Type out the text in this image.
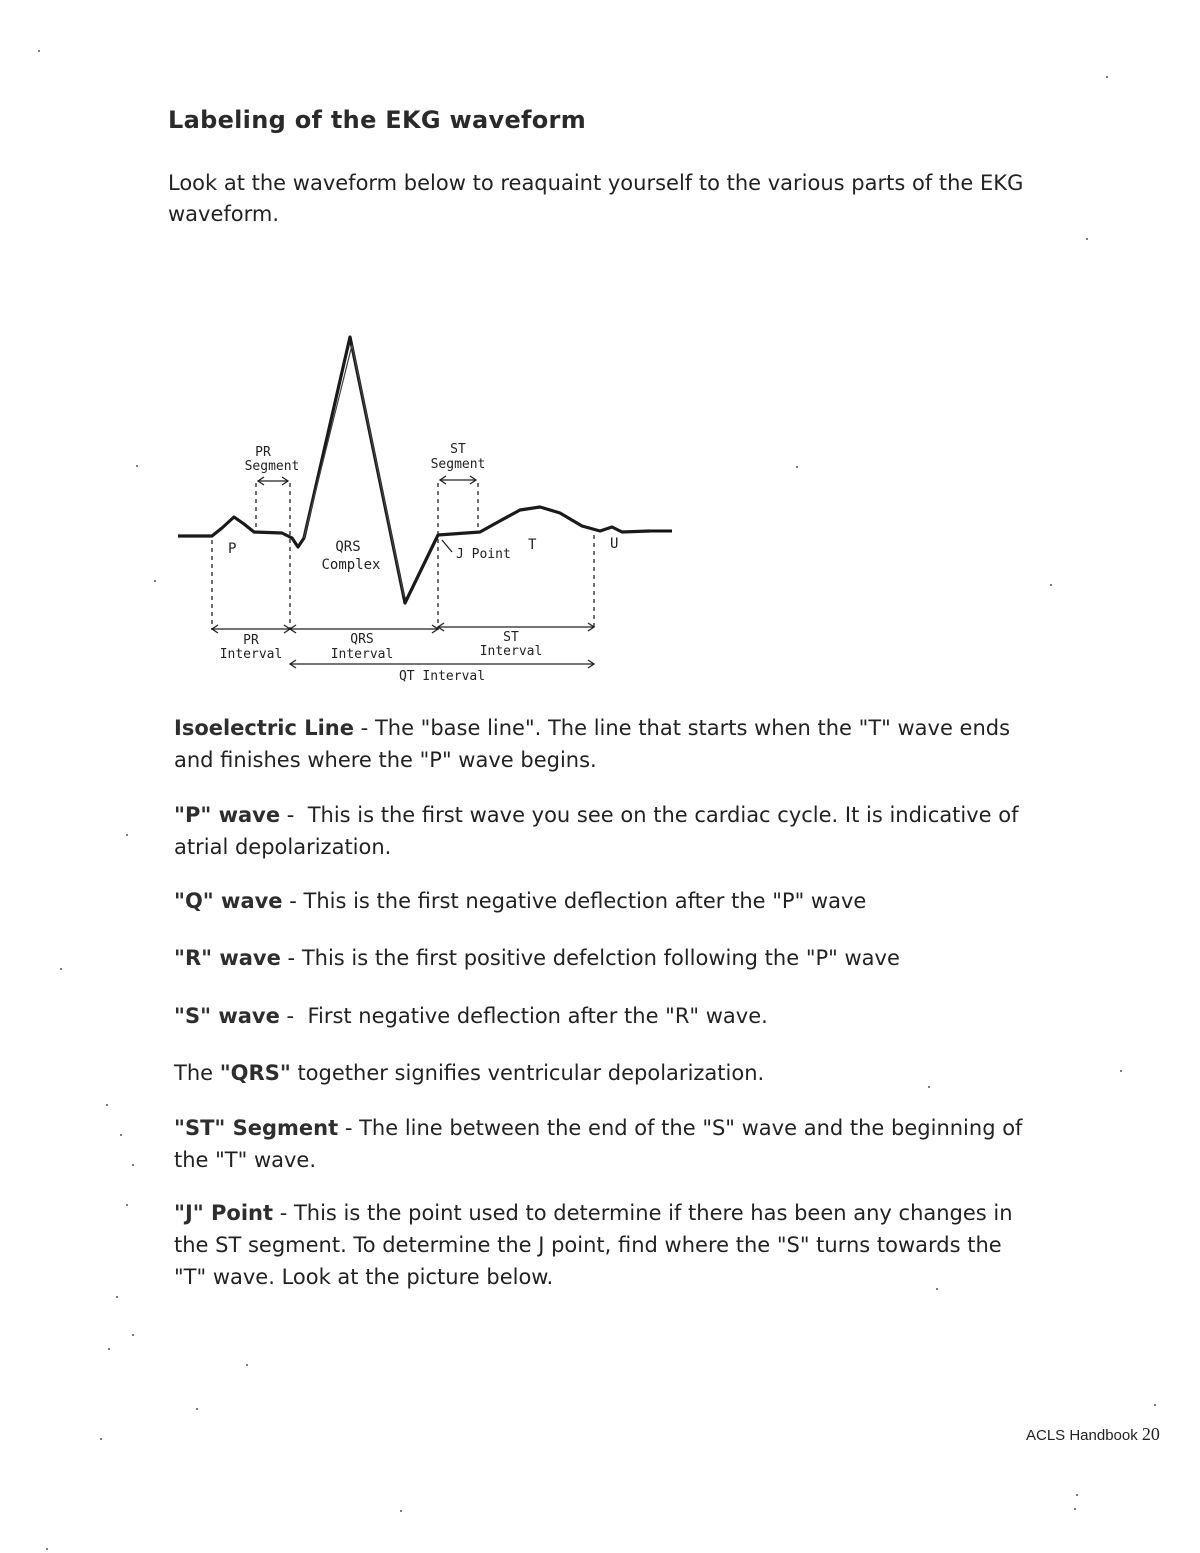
Labeling of the EKG waveform
Look at the waveform below to reaquaint yourself to the various parts of the EKG waveform.
PR
Segment
ST
Segment
P	QRS
Complex
J Point
T	U
PR
Interval
QRS
Interval
ST
Interval
QT Interval
Isoelectric Line - The "base line". The line that starts when the "T" wave ends and finishes where the "P" wave begins.
"P" wave -  This is the first wave you see on the cardiac cycle. It is indicative of atrial depolarization.
"Q" wave - This is the first negative deflection after the "P" wave
"R" wave - This is the first positive defelction following the "P" wave
"S" wave -  First negative deflection after the "R" wave.
The "QRS" together signifies ventricular depolarization.
"ST" Segment - The line between the end of the "S" wave and the beginning of the "T" wave.
"J" Point - This is the point used to determine if there has been any changes in the ST segment. To determine the J point, find where the "S" turns towards the "T" wave. Look at the picture below.
ACLS Handbook 20
